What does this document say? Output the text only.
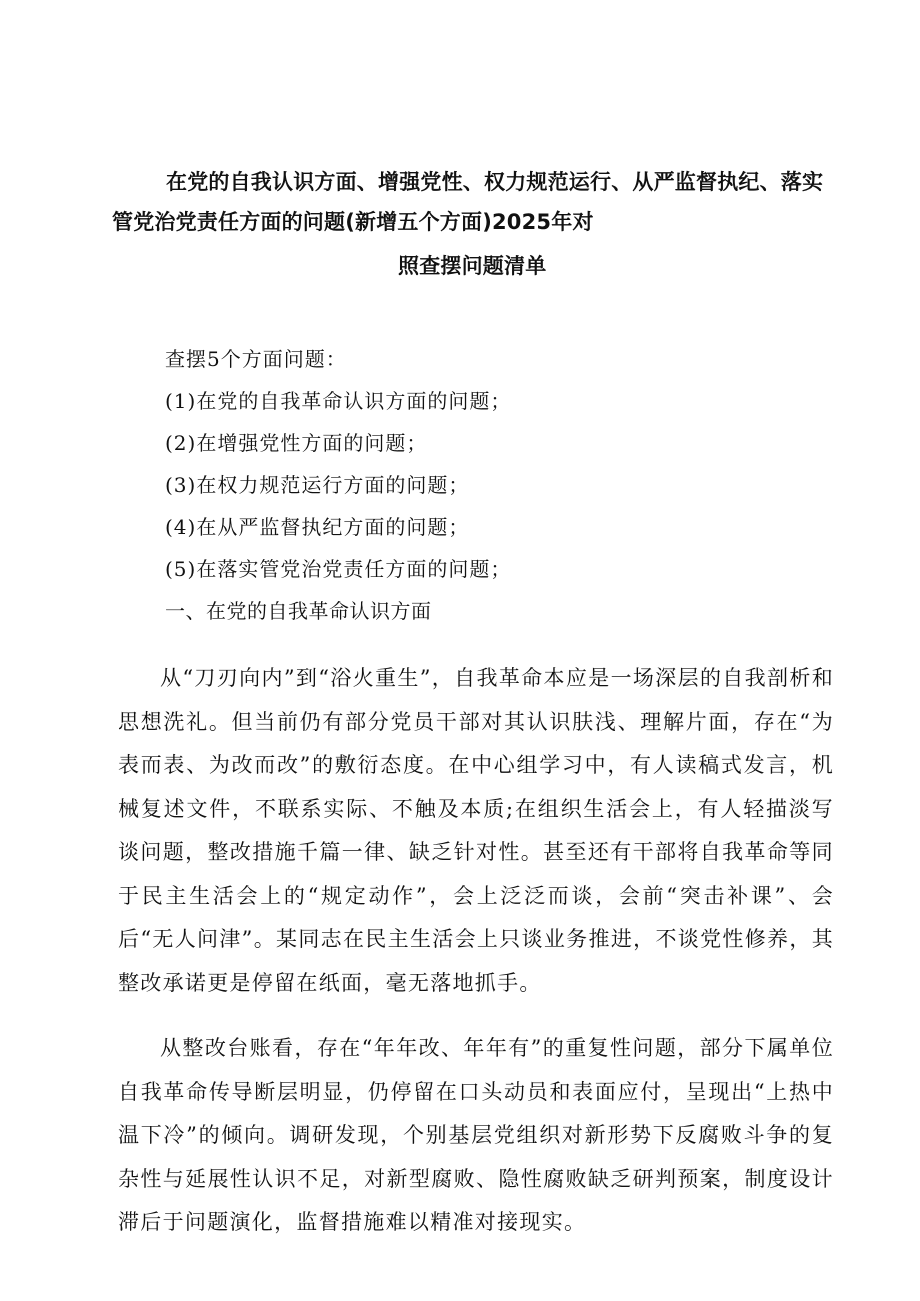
在党的自我认识方面、增强党性、权力规范运行、从严监督执纪、落实
管党治党责任方面的问题(新增五个方面)2025年对
照查摆问题清单
查摆5个方面问题：
(1)在党的自我革命认识方面的问题；
(2)在增强党性方面的问题；
(3)在权力规范运行方面的问题；
(4)在从严监督执纪方面的问题；
(5)在落实管党治党责任方面的问题；
一、在党的自我革命认识方面

从“刀刃向内”到“浴火重生”，自我革命本应是一场深层的自我剖析和思想洗礼。但当前仍有部分党员干部对其认识肤浅、理解片面，存在“为表而表、为改而改”的敷衍态度。在中心组学习中，有人读稿式发言，机械复述文件，不联系实际、不触及本质;在组织生活会上，有人轻描淡写谈问题，整改措施千篇一律、缺乏针对性。甚至还有干部将自我革命等同于民主生活会上的“规定动作”，会上泛泛而谈，会前“突击补课”、会后“无人问津”。某同志在民主生活会上只谈业务推进，不谈党性修养，其整改承诺更是停留在纸面，毫无落地抓手。

从整改台账看，存在“年年改、年年有”的重复性问题，部分下属单位自我革命传导断层明显，仍停留在口头动员和表面应付，呈现出“上热中温下冷”的倾向。调研发现，个别基层党组织对新形势下反腐败斗争的复杂性与延展性认识不足，对新型腐败、隐性腐败缺乏研判预案，制度设计滞后于问题演化，监督措施难以精准对接现实。
